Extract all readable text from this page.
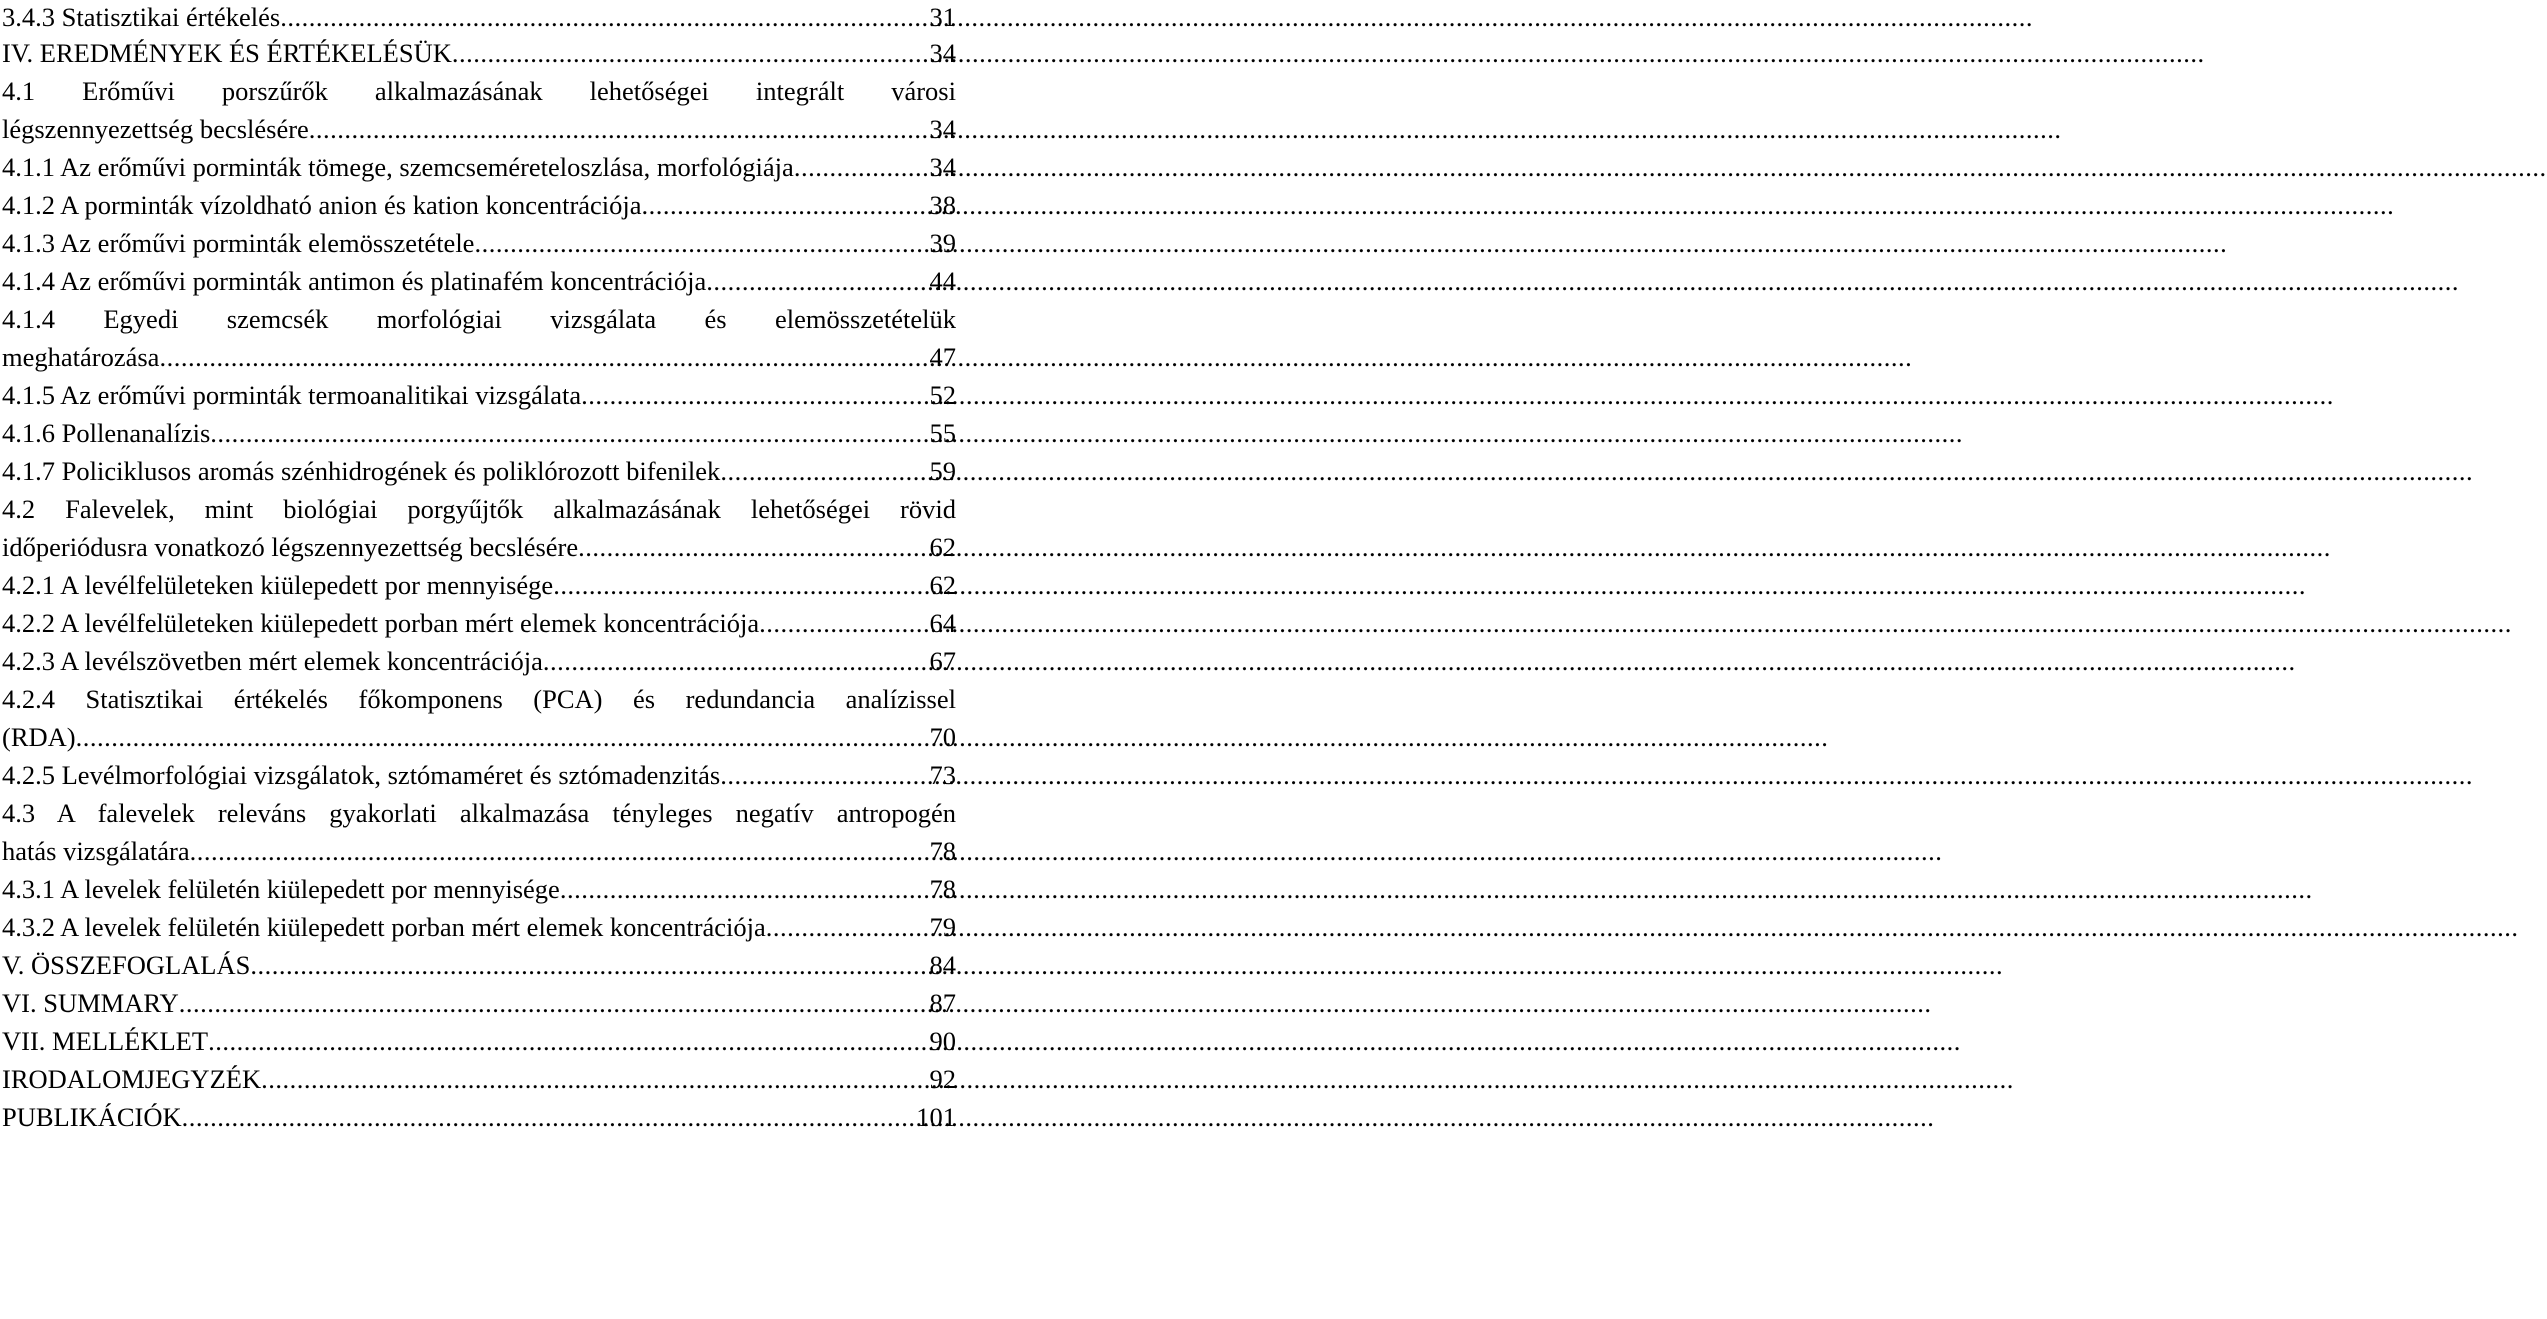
3.4.3 Statisztikai értékelés .....	31
IV. EREDMÉNYEK ÉS ÉRTÉKELÉSÜK .....	34
4.1 Erőművi porszűrők alkalmazásának lehetőségei integrált városi
légszennyezettség becslésére .....	34
4.1.1 Az erőművi porminták tömege, szemcseméreteloszlása, morfológiája .....	34
4.1.2 A porminták vízoldható anion és kation koncentrációja .....	38
4.1.3 Az erőművi porminták elemösszetétele .....	39
4.1.4 Az erőművi porminták antimon és platinafém koncentrációja .....	44
4.1.4 Egyedi szemcsék morfológiai vizsgálata és elemösszetételük
meghatározása .....	47
4.1.5 Az erőművi porminták termoanalitikai vizsgálata .....	52
4.1.6 Pollenanalízis .....	55
4.1.7 Policiklusos aromás szénhidrogének és poliklórozott bifenilek .....	59
4.2 Falevelek, mint biológiai porgyűjtők alkalmazásának lehetőségei rövid
időperiódusra vonatkozó légszennyezettség becslésére .....	62
4.2.1 A levélfelületeken kiülepedett por mennyisége .....	62
4.2.2 A levélfelületeken kiülepedett porban mért elemek koncentrációja .....	64
4.2.3 A levélszövetben mért elemek koncentrációja .....	67
4.2.4 Statisztikai értékelés főkomponens (PCA) és redundancia analízissel
(RDA) .....	70
4.2.5 Levélmorfológiai vizsgálatok, sztómaméret és sztómadenzitás .....	73
4.3 A falevelek releváns gyakorlati alkalmazása tényleges negatív antropogén
hatás vizsgálatára .....	78
4.3.1 A levelek felületén kiülepedett por mennyisége .....	78
4.3.2 A levelek felületén kiülepedett porban mért elemek koncentrációja .....	79
V. ÖSSZEFOGLALÁS .....	84
VI. SUMMARY .....	87
VII. MELLÉKLET .....	90
IRODALOMJEGYZÉK .....	92
PUBLIKÁCIÓK .....	101
